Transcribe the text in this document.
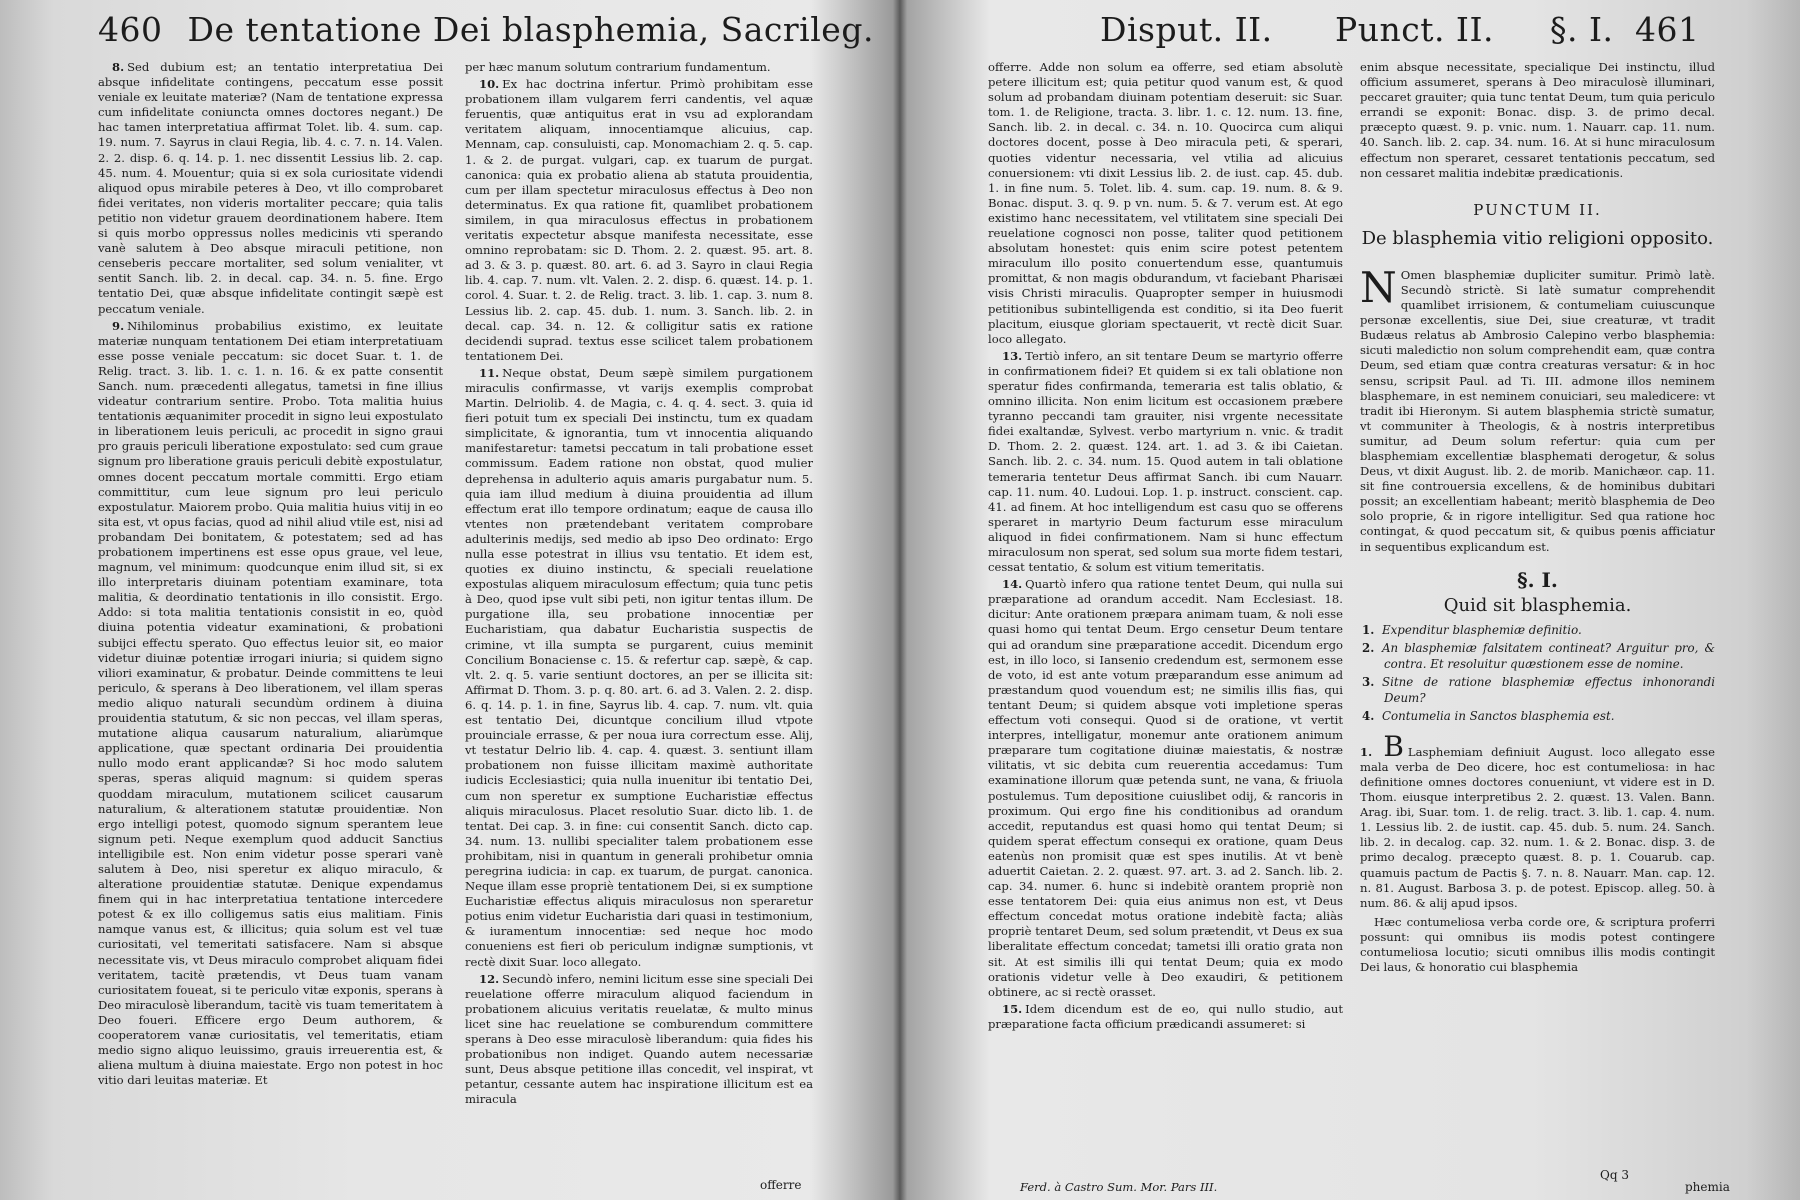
460 De tentatione Dei blasphemia, Sacrileg.

8. Sed dubium est; an tentatio interpretatiua Dei absque infidelitate contingens, peccatum esse possit veniale ex leuitate materiæ? (Nam de tentatione expressa cum infidelitate coniuncta omnes doctores negant.) De hac tamen interpretatiua affirmat Tolet. lib. 4. sum. cap. 19. num. 7. Sayrus in claui Regia, lib. 4. c. 7. n. 14. Valen. 2. 2. disp. 6. q. 14. p. 1. nec dissentit Lessius lib. 2. cap. 45. num. 4. Mouentur; quia si ex sola curiositate videndi aliquod opus mirabile peteres à Deo, vt illo comprobaret fidei veritates, non videris mortaliter peccare; quia talis petitio non videtur grauem deordinationem habere. Item si quis morbo oppressus nolles medicinis vti sperando vanè salutem à Deo absque miraculi petitione, non censeberis peccare mortaliter, sed solum venialiter, vt sentit Sanch. lib. 2. in decal. cap. 34. n. 5. fine. Ergo tentatio Dei, quæ absque infidelitate contingit sæpè est peccatum veniale.

9. Nihilominus probabilius existimo, ex leuitate materiæ nunquam tentationem Dei etiam interpretatiuam esse posse veniale peccatum: sic docet Suar. t. 1. de Relig. tract. 3. lib. 1. c. 1. n. 16. & ex patte consentit Sanch. num. præcedenti allegatus, tametsi in fine illius videatur contrarium sentire. Probo. Tota malitia huius tentationis æquanimiter procedit in signo leui expostulato in liberationem leuis periculi, ac procedit in signo graui pro grauis periculi liberatione expostulato: sed cum graue signum pro liberatione grauis periculi debitè expostulatur, omnes docent peccatum mortale committi. Ergo etiam committitur, cum leue signum pro leui periculo expostulatur. Maiorem probo. Quia malitia huius vitij in eo sita est, vt opus facias, quod ad nihil aliud vtile est, nisi ad probandam Dei bonitatem, & potestatem; sed ad has probationem impertinens est esse opus graue, vel leue, magnum, vel minimum: quodcunque enim illud sit, si ex illo interpretaris diuinam potentiam examinare, tota malitia, & deordinatio tentationis in illo consistit. Ergo. Addo: si tota malitia tentationis consistit in eo, quòd diuina potentia videatur examinationi, & probationi subijci effectu sperato. Quo effectus leuior sit, eo maior videtur diuinæ potentiæ irrogari iniuria; si quidem signo viliori examinatur, & probatur. Deinde committens te leui periculo, & sperans à Deo liberationem, vel illam speras medio aliquo naturali secundùm ordinem à diuina prouidentia statutum, & sic non peccas, vel illam speras, mutatione aliqua causarum naturalium, aliarùmque applicatione, quæ spectant ordinaria Dei prouidentia nullo modo erant applicandæ? Si hoc modo salutem speras, speras aliquid magnum: si quidem speras quoddam miraculum, mutationem scilicet causarum naturalium, & alterationem statutæ prouidentiæ. Non ergo intelligi potest, quomodo signum sperantem leue signum peti. Neque exemplum quod adducit Sanctius intelligibile est. Non enim videtur posse sperari vanè salutem à Deo, nisi speretur ex aliquo miraculo, & alteratione prouidentiæ statutæ. Denique expendamus finem qui in hac interpretatiua tentatione intercedere potest & ex illo colligemus satis eius malitiam. Finis namque vanus est, & illicitus; quia solum est vel tuæ curiositati, vel temeritati satisfacere. Nam si absque necessitate vis, vt Deus miraculo comprobet aliquam fidei veritatem, tacitè prætendis, vt Deus tuam vanam curiositatem foueat, si te periculo vitæ exponis, sperans à Deo miraculosè liberandum, tacitè vis tuam temeritatem à Deo foueri. Efficere ergo Deum authorem, & cooperatorem vanæ curiositatis, vel temeritatis, etiam medio signo aliquo leuissimo, grauis irreuerentia est, & aliena multum à diuina maiestate. Ergo non potest in hoc vitio dari leuitas materiæ. Et

per hæc manum solutum contrarium fundamentum.

10. Ex hac doctrina infertur. Primò prohibitam esse probationem illam vulgarem ferri candentis, vel aquæ feruentis, quæ antiquitus erat in vsu ad explorandam veritatem aliquam, innocentiamque alicuius, cap. Mennam, cap. consuluisti, cap. Monomachiam 2. q. 5. cap. 1. & 2. de purgat. vulgari, cap. ex tuarum de purgat. canonica: quia ex probatio aliena ab statuta prouidentia, cum per illam spectetur miraculosus effectus à Deo non determinatus. Ex qua ratione fit, quamlibet probationem similem, in qua miraculosus effectus in probationem veritatis expectetur absque manifesta necessitate, esse omnino reprobatam: sic D. Thom. 2. 2. quæst. 95. art. 8. ad 3. & 3. p. quæst. 80. art. 6. ad 3. Sayro in claui Regia lib. 4. cap. 7. num. vlt. Valen. 2. 2. disp. 6. quæst. 14. p. 1. corol. 4. Suar. t. 2. de Relig. tract. 3. lib. 1. cap. 3. num 8. Lessius lib. 2. cap. 45. dub. 1. num. 3. Sanch. lib. 2. in decal. cap. 34. n. 12. & colligitur satis ex ratione decidendi suprad. textus esse scilicet talem probationem tentationem Dei.

11. Neque obstat, Deum sæpè similem purgationem miraculis confirmasse, vt varijs exemplis comprobat Martin. Delriolib. 4. de Magia, c. 4. q. 4. sect. 3. quia id fieri potuit tum ex speciali Dei instinctu, tum ex quadam simplicitate, & ignorantia, tum vt innocentia aliquando manifestaretur: tametsi peccatum in tali probatione esset commissum. Eadem ratione non obstat, quod mulier deprehensa in adulterio aquis amaris purgabatur num. 5. quia iam illud medium à diuina prouidentia ad illum effectum erat illo tempore ordinatum; eaque de causa illo vtentes non prætendebant veritatem comprobare adulterinis medijs, sed medio ab ipso Deo ordinato: Ergo nulla esse potestrat in illius vsu tentatio. Et idem est, quoties ex diuino instinctu, & speciali reuelatione expostulas aliquem miraculosum effectum; quia tunc petis à Deo, quod ipse vult sibi peti, non igitur tentas illum. De purgatione illa, seu probatione innocentiæ per Eucharistiam, qua dabatur Eucharistia suspectis de crimine, vt illa sumpta se purgarent, cuius meminit Concilium Bonaciense c. 15. & refertur cap. sæpè, & cap. vlt. 2. q. 5. varie sentiunt doctores, an per se illicita sit: Affirmat D. Thom. 3. p. q. 80. art. 6. ad 3. Valen. 2. 2. disp. 6. q. 14. p. 1. in fine, Sayrus lib. 4. cap. 7. num. vlt. quia est tentatio Dei, dicuntque concilium illud vtpote prouinciale errasse, & per noua iura correctum esse. Alij, vt testatur Delrio lib. 4. cap. 4. quæst. 3. sentiunt illam probationem non fuisse illicitam maximè authoritate iudicis Ecclesiastici; quia nulla inuenitur ibi tentatio Dei, cum non speretur ex sumptione Eucharistiæ effectus aliquis miraculosus. Placet resolutio Suar. dicto lib. 1. de tentat. Dei cap. 3. in fine: cui consentit Sanch. dicto cap. 34. num. 13. nullibi specialiter talem probationem esse prohibitam, nisi in quantum in generali prohibetur omnia peregrina iudicia: in cap. ex tuarum, de purgat. canonica. Neque illam esse propriè tentationem Dei, si ex sumptione Eucharistiæ effectus aliquis miraculosus non speraretur potius enim videtur Eucharistia dari quasi in testimonium, & iuramentum innocentiæ: sed neque hoc modo conueniens est fieri ob periculum indignæ sumptionis, vt rectè dixit Suar. loco allegato.

12. Secundò infero, nemini licitum esse sine speciali Dei reuelatione offerre miraculum aliquod faciendum in probationem alicuius veritatis reuelatæ, & multo minus licet sine hac reuelatione se comburendum committere sperans à Deo esse miraculosè liberandum: quia fides his probationibus non indiget. Quando autem necessariæ sunt, Deus absque petitione illas concedit, vel inspirat, vt petantur, cessante autem hac inspiratione illicitum est ea miracula

offerre
Disput. II. Punct. II. §. I. 461

offerre. Adde non solum ea offerre, sed etiam absolutè petere illicitum est; quia petitur quod vanum est, & quod solum ad probandam diuinam potentiam deseruit: sic Suar. tom. 1. de Religione, tracta. 3. libr. 1. c. 12. num. 13. fine, Sanch. lib. 2. in decal. c. 34. n. 10. Quocirca cum aliqui doctores docent, posse à Deo miracula peti, & sperari, quoties videntur necessaria, vel vtilia ad alicuius conuersionem: vti dixit Lessius lib. 2. de iust. cap. 45. dub. 1. in fine num. 5. Tolet. lib. 4. sum. cap. 19. num. 8. & 9. Bonac. disput. 3. q. 9. p vn. num. 5. & 7. verum est. At ego existimo hanc necessitatem, vel vtilitatem sine speciali Dei reuelatione cognosci non posse, taliter quod petitionem absolutam honestet: quis enim scire potest petentem miraculum illo posito conuertendum esse, quantumuis promittat, & non magis obdurandum, vt faciebant Pharisæi visis Christi miraculis. Quapropter semper in huiusmodi petitionibus subintelligenda est conditio, si ita Deo fuerit placitum, eiusque gloriam spectauerit, vt rectè dicit Suar. loco allegato.

13. Tertiò infero, an sit tentare Deum se martyrio offerre in confirmationem fidei? Et quidem si ex tali oblatione non speratur fides confirmanda, temeraria est talis oblatio, & omnino illicita. Non enim licitum est occasionem præbere tyranno peccandi tam grauiter, nisi vrgente necessitate fidei exaltandæ, Sylvest. verbo martyrium n. vnic. & tradit D. Thom. 2. 2. quæst. 124. art. 1. ad 3. & ibi Caietan. Sanch. lib. 2. c. 34. num. 15. Quod autem in tali oblatione temeraria tentetur Deus affirmat Sanch. ibi cum Nauarr. cap. 11. num. 40. Ludoui. Lop. 1. p. instruct. conscient. cap. 41. ad finem. At hoc intelligendum est casu quo se offerens speraret in martyrio Deum facturum esse miraculum aliquod in fidei confirmationem. Nam si hunc effectum miraculosum non sperat, sed solum sua morte fidem testari, cessat tentatio, & solum est vitium temeritatis.

14. Quartò infero qua ratione tentet Deum, qui nulla sui præparatione ad orandum accedit. Nam Ecclesiast. 18. dicitur: Ante orationem præpara animam tuam, & noli esse quasi homo qui tentat Deum. Ergo censetur Deum tentare qui ad orandum sine præparatione accedit. Dicendum ergo est, in illo loco, si Iansenio credendum est, sermonem esse de voto, id est ante votum præparandum esse animum ad præstandum quod vouendum est; ne similis illis fias, qui tentant Deum; si quidem absque voti impletione speras effectum voti consequi. Quod si de oratione, vt vertit interpres, intelligatur, monemur ante orationem animum præparare tum cogitatione diuinæ maiestatis, & nostræ vilitatis, vt sic debita cum reuerentia accedamus: Tum examinatione illorum quæ petenda sunt, ne vana, & friuola postulemus. Tum depositione cuiuslibet odij, & rancoris in proximum. Qui ergo fine his conditionibus ad orandum accedit, reputandus est quasi homo qui tentat Deum; si quidem sperat effectum consequi ex oratione, quam Deus eatenùs non promisit quæ est spes inutilis. At vt benè aduertit Caietan. 2. 2. quæst. 97. art. 3. ad 2. Sanch. lib. 2. cap. 34. numer. 6. hunc si indebitè orantem propriè non esse tentatorem Dei: quia eius animus non est, vt Deus effectum concedat motus oratione indebitè facta; aliàs propriè tentaret Deum, sed solum prætendit, vt Deus ex sua liberalitate effectum concedat; tametsi illi oratio grata non sit. At est similis illi qui tentat Deum; quia ex modo orationis videtur velle à Deo exaudiri, & petitionem obtinere, ac si rectè orasset.

15. Idem dicendum est de eo, qui nullo studio, aut præparatione facta officium prædicandi assumeret: si

Ferd. à Castro Sum. Mor. Pars III.

enim absque necessitate, specialique Dei instinctu, illud officium assumeret, sperans à Deo miraculosè illuminari, peccaret grauiter; quia tunc tentat Deum, tum quia periculo errandi se exponit: Bonac. disp. 3. de primo decal. præcepto quæst. 9. p. vnic. num. 1. Nauarr. cap. 11. num. 40. Sanch. lib. 2. cap. 34. num. 16. At si hunc miraculosum effectum non speraret, cessaret tentationis peccatum, sed non cessaret malitia indebitæ prædicationis.

PUNCTUM II.
De blasphemia vitio religioni opposito.

N Omen blasphemiæ dupliciter sumitur. Primò latè. Secundò strictè. Si latè sumatur comprehendit quamlibet irrisionem, & contumeliam cuiuscunque personæ excellentis, siue Dei, siue creaturæ, vt tradit Budæus relatus ab Ambrosio Calepino verbo blasphemia: sicuti maledictio non solum comprehendit eam, quæ contra Deum, sed etiam quæ contra creaturas versatur: & in hoc sensu, scripsit Paul. ad Ti. III. admone illos neminem blasphemare, in est neminem conuiciari, seu maledicere: vt tradit ibi Hieronym. Si autem blasphemia strictè sumatur, vt communiter à Theologis, & à nostris interpretibus sumitur, ad Deum solum refertur: quia cum per blasphemiam excellentiæ blasphemati derogetur, & solus Deus, vt dixit August. lib. 2. de morib. Manichæor. cap. 11. sit fine controuersia excellens, & de hominibus dubitari possit; an excellentiam habeant; meritò blasphemia de Deo solo proprie, & in rigore intelligitur. Sed qua ratione hoc contingat, & quod peccatum sit, & quibus pœnis afficiatur in sequentibus explicandum est.

§. I.
Quid sit blasphemia.
1. Expenditur blasphemiæ definitio.
2. An blasphemiæ falsitatem contineat? Arguitur pro, & contra. Et resoluitur quæstionem esse de nomine.
3. Sitne de ratione blasphemiæ effectus inhonorandi Deum?
4. Contumelia in Sanctos blasphemia est.

1. B Lasphemiam definiuit August. loco allegato esse mala verba de Deo dicere, hoc est contumeliosa: in hac definitione omnes doctores conueniunt, vt videre est in D. Thom. eiusque interpretibus 2. 2. quæst. 13. Valen. Bann. Arag. ibi, Suar. tom. 1. de relig. tract. 3. lib. 1. cap. 4. num. 1. Lessius lib. 2. de iustit. cap. 45. dub. 5. num. 24. Sanch. lib. 2. in decalog. cap. 32. num. 1. & 2. Bonac. disp. 3. de primo decalog. præcepto quæst. 8. p. 1. Couarub. cap. quamuis pactum de Pactis §. 7. n. 8. Nauarr. Man. cap. 12. n. 81. August. Barbosa 3. p. de potest. Episcop. alleg. 50. à num. 86. & alij apud ipsos.

Hæc contumeliosa verba corde ore, & scriptura proferri possunt: qui omnibus iis modis potest contingere contumeliosa locutio; sicuti omnibus illis modis contingit Dei laus, & honoratio cui blasphemia

Qq 3
phemia
